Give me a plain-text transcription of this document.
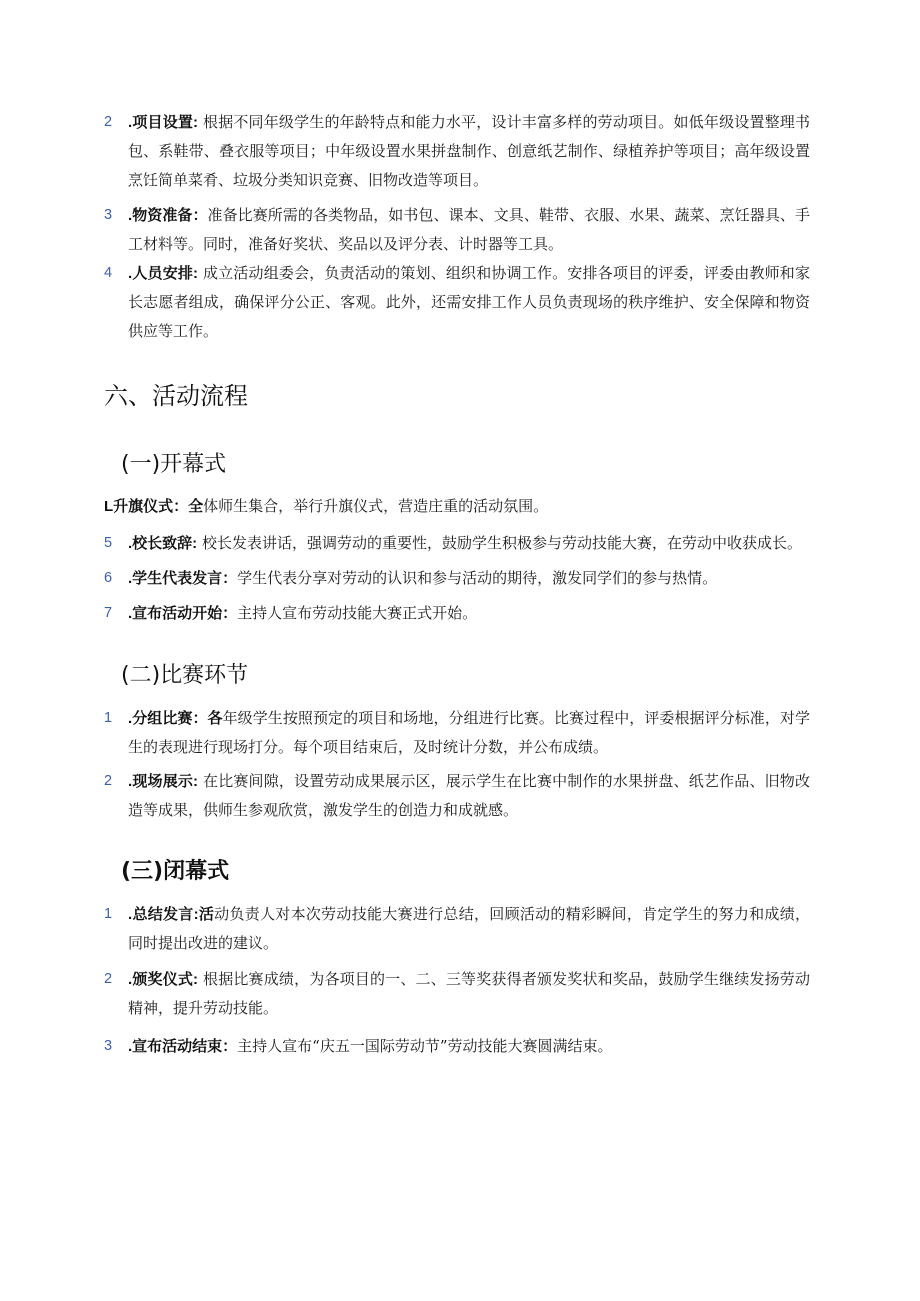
2	.项目设置: 根据不同年级学生的年龄特点和能力水平，设计丰富多样的劳动项目。如低年级设置整理书包、系鞋带、叠衣服等项目；中年级设置水果拼盘制作、创意纸艺制作、绿植养护等项目；高年级设置烹饪简单菜肴、垃圾分类知识竞赛、旧物改造等项目。
3	.物资准备：准备比赛所需的各类物品，如书包、课本、文具、鞋带、衣服、水果、蔬菜、烹饪器具、手工材料等。同时，准备好奖状、奖品以及评分表、计时器等工具。
4	.人员安排: 成立活动组委会，负责活动的策划、组织和协调工作。安排各项目的评委，评委由教师和家长志愿者组成，确保评分公正、客观。此外，还需安排工作人员负责现场的秩序维护、安全保障和物资供应等工作。
六、活动流程
(一)开幕式
L升旗仪式：全体师生集合，举行升旗仪式，营造庄重的活动氛围。
5	.校长致辞: 校长发表讲话，强调劳动的重要性，鼓励学生积极参与劳动技能大赛，在劳动中收获成长。
6	.学生代表发言：学生代表分享对劳动的认识和参与活动的期待，激发同学们的参与热情。
7	.宣布活动开始：主持人宣布劳动技能大赛正式开始。
(二)比赛环节
1	.分组比赛：各年级学生按照预定的项目和场地，分组进行比赛。比赛过程中，评委根据评分标准，对学生的表现进行现场打分。每个项目结束后，及时统计分数，并公布成绩。
2	.现场展示: 在比赛间隙，设置劳动成果展示区，展示学生在比赛中制作的水果拼盘、纸艺作品、旧物改造等成果，供师生参观欣赏，激发学生的创造力和成就感。
(三)闭幕式
1	.总结发言:活动负责人对本次劳动技能大赛进行总结，回顾活动的精彩瞬间，肯定学生的努力和成绩，同时提出改进的建议。
2	.颁奖仪式: 根据比赛成绩，为各项目的一、二、三等奖获得者颁发奖状和奖品，鼓励学生继续发扬劳动精神，提升劳动技能。
3	.宣布活动结束：主持人宣布“庆五一国际劳动节”劳动技能大赛圆满结束。
